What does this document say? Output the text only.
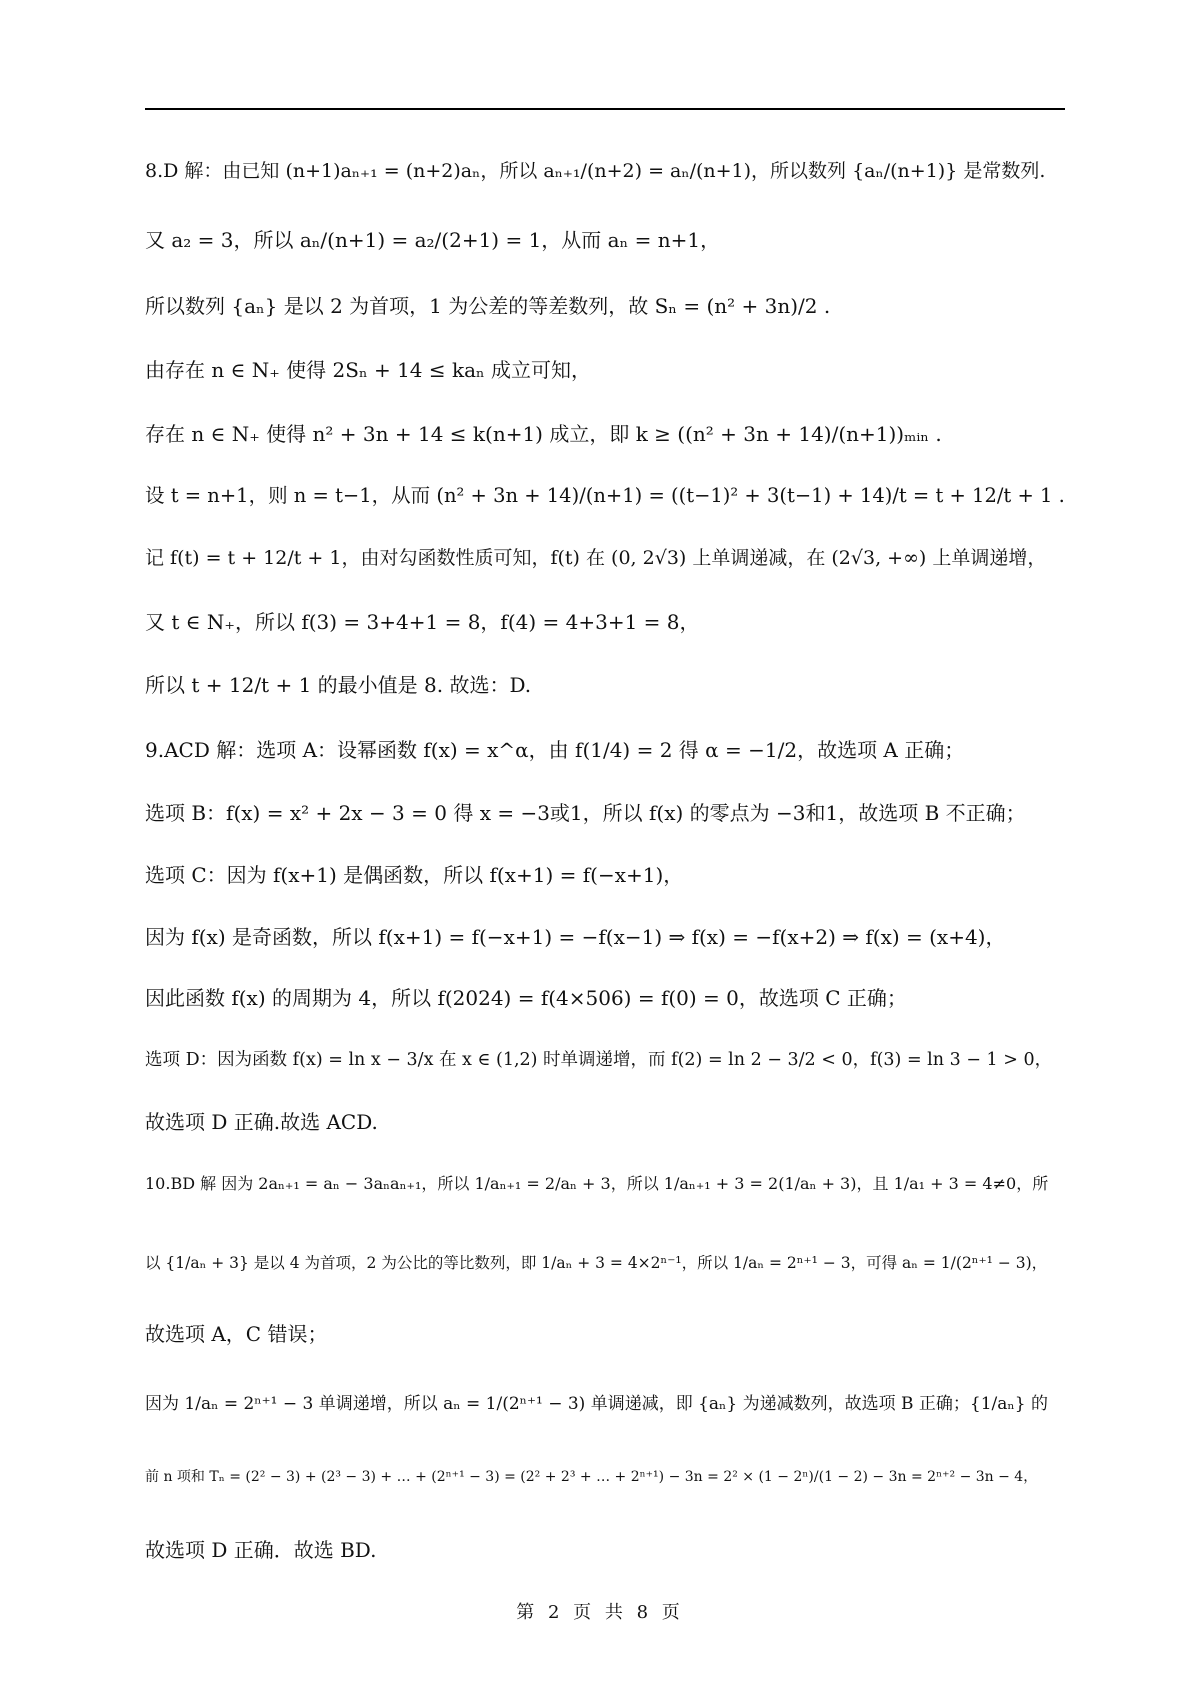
8.D 解：由已知 (n+1)aₙ₊₁ = (n+2)aₙ，所以 aₙ₊₁/(n+2) = aₙ/(n+1)，所以数列 {aₙ/(n+1)} 是常数列.
又 a₂ = 3，所以 aₙ/(n+1) = a₂/(2+1) = 1，从而 aₙ = n+1，
所以数列 {aₙ} 是以 2 为首项，1 为公差的等差数列，故 Sₙ = (n² + 3n)/2 .
由存在 n ∈ N₊ 使得 2Sₙ + 14 ≤ kaₙ 成立可知，
存在 n ∈ N₊ 使得 n² + 3n + 14 ≤ k(n+1) 成立，即 k ≥ ((n² + 3n + 14)/(n+1))ₘᵢₙ .
设 t = n+1，则 n = t−1，从而 (n² + 3n + 14)/(n+1) = ((t−1)² + 3(t−1) + 14)/t = t + 12/t + 1 .
记 f(t) = t + 12/t + 1，由对勾函数性质可知，f(t) 在 (0, 2√3) 上单调递减，在 (2√3, +∞) 上单调递增，
又 t ∈ N₊，所以 f(3) = 3+4+1 = 8，f(4) = 4+3+1 = 8，
所以 t + 12/t + 1 的最小值是 8. 故选：D.
9.ACD 解：选项 A：设幂函数 f(x) = x^α，由 f(1/4) = 2 得 α = −1/2，故选项 A 正确；
选项 B：f(x) = x² + 2x − 3 = 0 得 x = −3或1，所以 f(x) 的零点为 −3和1，故选项 B 不正确；
选项 C：因为 f(x+1) 是偶函数，所以 f(x+1) = f(−x+1)，
因为 f(x) 是奇函数，所以 f(x+1) = f(−x+1) = −f(x−1) ⇒ f(x) = −f(x+2) ⇒ f(x) = (x+4)，
因此函数 f(x) 的周期为 4，所以 f(2024) = f(4×506) = f(0) = 0，故选项 C 正确；
选项 D：因为函数 f(x) = ln x − 3/x 在 x ∈ (1,2) 时单调递增，而 f(2) = ln 2 − 3/2 < 0，f(3) = ln 3 − 1 > 0，
故选项 D 正确.故选 ACD.
10.BD 解 因为 2aₙ₊₁ = aₙ − 3aₙaₙ₊₁，所以 1/aₙ₊₁ = 2/aₙ + 3，所以 1/aₙ₊₁ + 3 = 2(1/aₙ + 3)，且 1/a₁ + 3 = 4≠0，所
以 {1/aₙ + 3} 是以 4 为首项，2 为公比的等比数列，即 1/aₙ + 3 = 4×2ⁿ⁻¹，所以 1/aₙ = 2ⁿ⁺¹ − 3，可得 aₙ = 1/(2ⁿ⁺¹ − 3)，
故选项 A，C 错误；
因为 1/aₙ = 2ⁿ⁺¹ − 3 单调递增，所以 aₙ = 1/(2ⁿ⁺¹ − 3) 单调递减，即 {aₙ} 为递减数列，故选项 B 正确；{1/aₙ} 的
前 n 项和 Tₙ = (2² − 3) + (2³ − 3) + … + (2ⁿ⁺¹ − 3) = (2² + 2³ + … + 2ⁿ⁺¹) − 3n = 2² × (1 − 2ⁿ)/(1 − 2) − 3n = 2ⁿ⁺² − 3n − 4，
故选项 D 正确．故选 BD.
第 2 页 共 8 页
